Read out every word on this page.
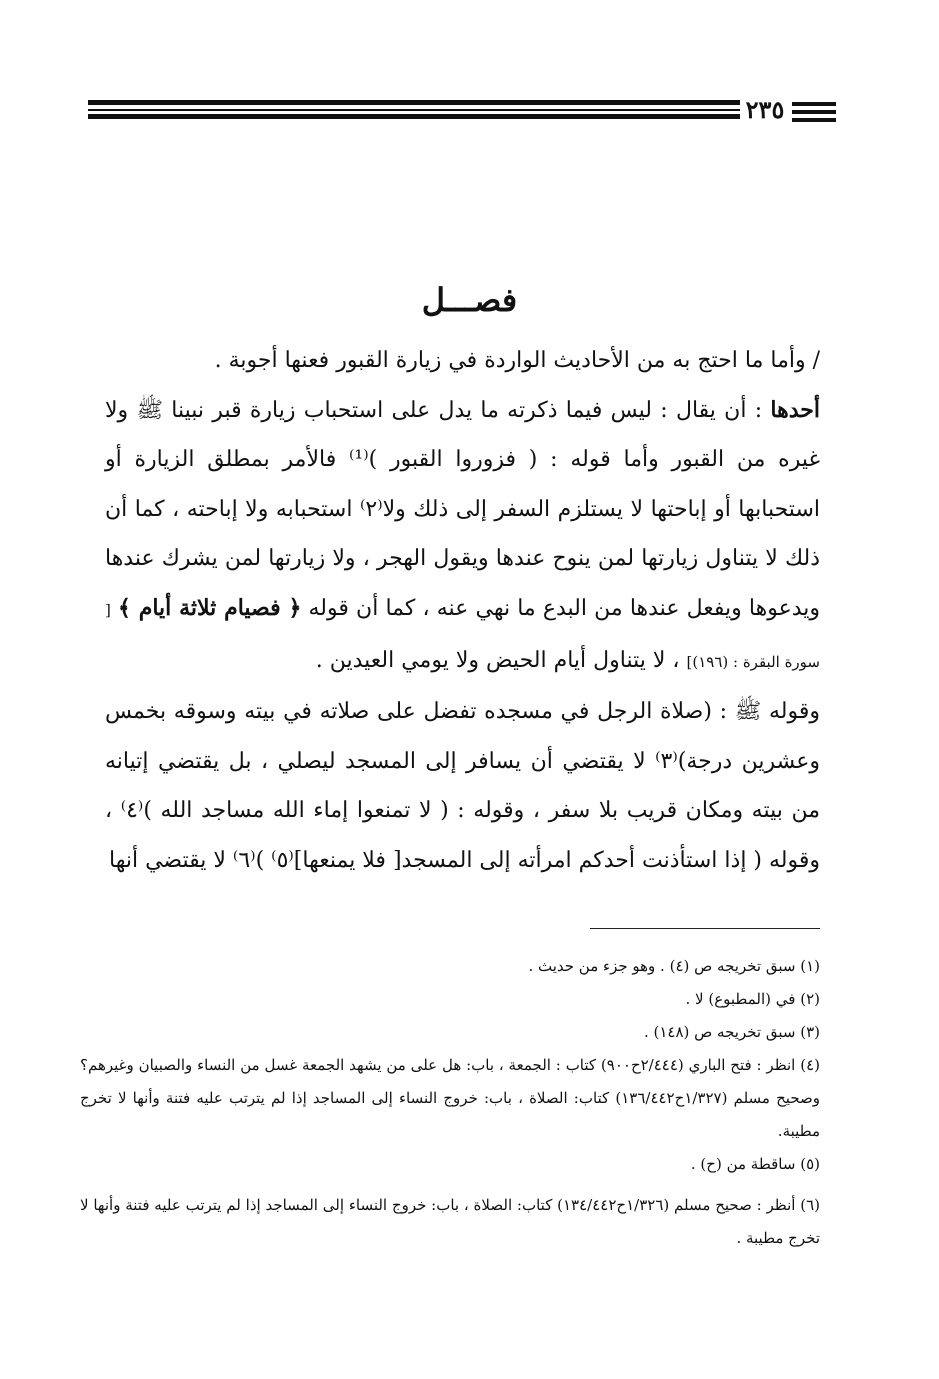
٢٣٥
فصـــل

/ وأما ما احتج به من الأحاديث الواردة في زيارة القبور فعنها أجوبة .

أحدها : أن يقال : ليس فيما ذكرته ما يدل على استحباب زيارة قبر نبينا ﷺ ولا غيره من القبور وأما قوله : ( فزوروا القبور )⁽¹⁾ فالأمر بمطلق الزيارة أو استحبابها أو إباحتها لا يستلزم السفر إلى ذلك ولا⁽٢⁾ استحبابه ولا إباحته ، كما أن ذلك لا يتناول زيارتها لمن ينوح عندها ويقول الهجر ، ولا زيارتها لمن يشرك عندها ويدعوها ويفعل عندها من البدع ما نهي عنه ، كما أن قوله ﴿ فصيام ثلاثة أيام ﴾ [ سورة البقرة : (١٩٦)] ، لا يتناول أيام الحيض ولا يومي العيدين .

وقوله ﷺ : (صلاة الرجل في مسجده تفضل على صلاته في بيته وسوقه بخمس وعشرين درجة)⁽٣⁾ لا يقتضي أن يسافر إلى المسجد ليصلي ، بل يقتضي إتيانه من بيته ومكان قريب بلا سفر ، وقوله : ( لا تمنعوا إماء الله مساجد الله )⁽٤⁾ ، وقوله ( إذا استأذنت أحدكم امرأته إلى المسجد[ فلا يمنعها]⁽٥⁾ )⁽٦⁾ لا يقتضي أنها

(١) سبق تخريجه ص (٤) . وهو جزء من حديث .

(٢) في (المطبوع) لا .

(٣) سبق تخريجه ص (١٤٨) .

(٤) انظر : فتح الباري (٢/٤٤٤ح٩٠٠) كتاب : الجمعة ، باب: هل على من يشهد الجمعة غسل من النساء والصبيان وغيرهم؟ وصحيح مسلم (١/٣٢٧ح١٣٦/٤٤٢) كتاب: الصلاة ، باب: خروج النساء إلى المساجد إذا لم يترتب عليه فتنة وأنها لا تخرج مطيبة.

(٥) ساقطة من (ح) .

(٦) أنظر : صحيح مسلم (١/٣٢٦ح١٣٤/٤٤٢) كتاب: الصلاة ، باب: خروج النساء إلى المساجد إذا لم يترتب عليه فتنة وأنها لا تخرج مطيبة .
